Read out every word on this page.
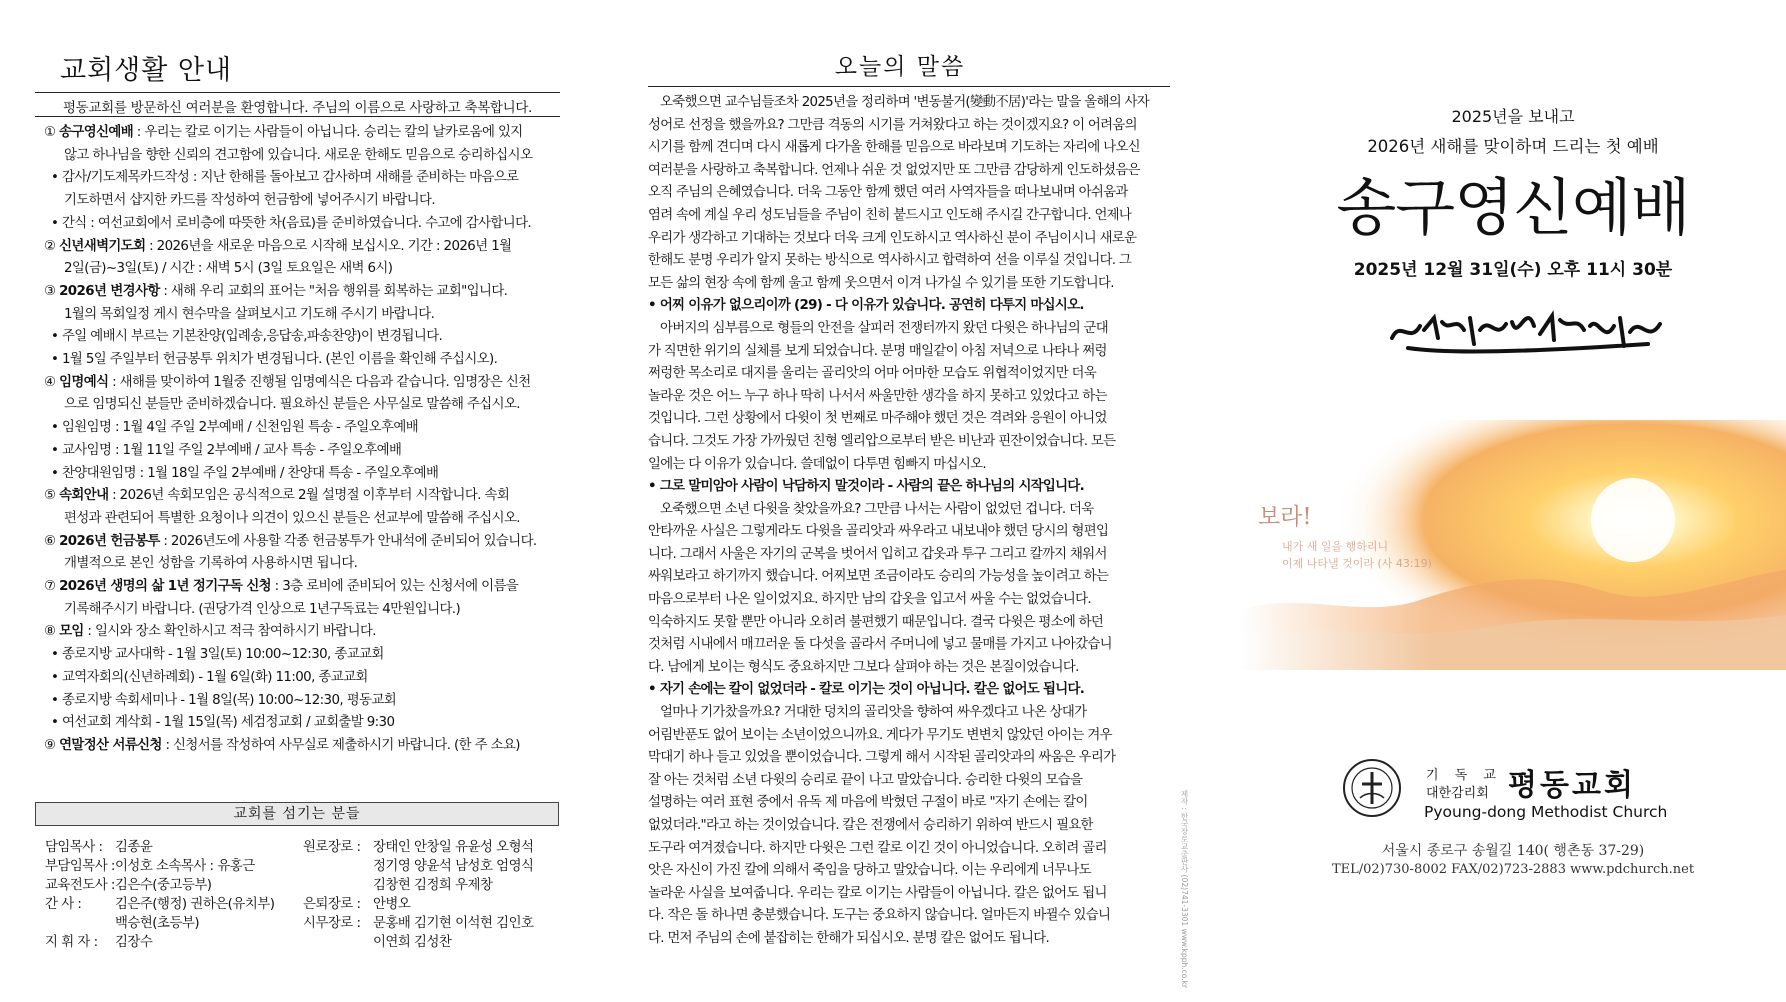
교회생활 안내
평동교회를 방문하신 여러분을 환영합니다. 주님의 이름으로 사랑하고 축복합니다.
① 송구영신예배 : 우리는 칼로 이기는 사람들이 아닙니다. 승리는 칼의 날카로움에 있지
않고 하나님을 향한 신뢰의 견고함에 있습니다. 새로운 한해도 믿음으로 승리하십시오
• 감사/기도제목카드작성 : 지난 한해를 돌아보고 감사하며 새해를 준비하는 마음으로
기도하면서 샵지한 카드를 작성하여 헌금함에 넣어주시기 바랍니다.
• 간식 : 여선교회에서 로비층에 따뜻한 차(음료)를 준비하였습니다. 수고에 감사합니다.
② 신년새벽기도회 : 2026년을 새로운 마음으로 시작해 보십시오. 기간 : 2026년 1월
2일(금)~3일(토) / 시간 : 새벽 5시 (3일 토요일은 새벽 6시)
③ 2026년 변경사항 : 새해 우리 교회의 표어는 "처음 행위를 회복하는 교회"입니다.
1월의 목회일정 게시 현수막을 살펴보시고 기도해 주시기 바랍니다.
• 주일 예배시 부르는 기본찬양(입례송,응답송,파송찬양)이 변경됩니다.
• 1월 5일 주일부터 헌금봉투 위치가 변경됩니다. (본인 이름을 확인해 주십시오).
④ 임명예식 : 새해를 맞이하여 1월중 진행될 임명예식은 다음과 같습니다. 임명장은 신천
으로 임명되신 분들만 준비하겠습니다. 필요하신 분들은 사무실로 말씀해 주십시오.
• 임원임명 : 1월 4일 주일 2부예배 / 신천임원 특송 - 주일오후예배
• 교사임명 : 1월 11일 주일 2부예배 / 교사 특송 - 주일오후예배
• 찬양대원임명 : 1월 18일 주일 2부예배 / 찬양대 특송 - 주일오후예배
⑤ 속회안내 : 2026년 속회모임은 공식적으로 2월 설명절 이후부터 시작합니다. 속회
편성과 관련되어 특별한 요청이나 의견이 있으신 분들은 선교부에 말씀해 주십시오.
⑥ 2026년 헌금봉투 : 2026년도에 사용할 각종 헌금봉투가 안내석에 준비되어 있습니다.
개별적으로 본인 성함을 기록하여 사용하시면 됩니다.
⑦ 2026년 생명의 삶 1년 정기구독 신청 : 3층 로비에 준비되어 있는 신청서에 이름을
기록해주시기 바랍니다. (권당가격 인상으로 1년구독료는 4만원입니다.)
⑧ 모임 : 일시와 장소 확인하시고 적극 참여하시기 바랍니다.
• 종로지방 교사대학 - 1월 3일(토) 10:00~12:30, 종교교회
• 교역자회의(신년하례회) - 1월 6일(화) 11:00, 종교교회
• 종로지방 속회세미나 - 1월 8일(목) 10:00~12:30, 평동교회
• 여선교회 계삭회 - 1월 15일(목) 세검정교회 / 교회출발 9:30
⑨ 연말정산 서류신청 : 신청서를 작성하여 사무실로 제출하시기 바랍니다. (한 주 소요)
교회를 섬기는 분들
담임목사 : 김종윤
부담임목사 :이성호 소속목사 : 유홍근
교육전도사 :김은수(중고등부)
간 사 :	김은주(행정) 권하은(유치부)
백승현(초등부)
지 휘 자 : 김장수
원로장로 : 장태인 안창일 유윤성 오형석
정기영 양윤석 남성호 엄영식
김창현 김정희 우제창
은퇴장로 : 안병오
시무장로 : 문홍배 김기현 이석현 김인호
이연희 김성찬
오늘의 말씀
오죽했으면 교수님들조차 2025년을 정리하며 '변동불거(變動不居)'라는 말을 올해의 사자
성어로 선정을 했을까요? 그만큼 격동의 시기를 거쳐왔다고 하는 것이겠지요? 이 어려움의
시기를 함께 견디며 다시 새롭게 다가올 한해를 믿음으로 바라보며 기도하는 자리에 나오신
여러분을 사랑하고 축복합니다. 언제나 쉬운 것 없었지만 또 그만큼 감당하게 인도하셨음은
오직 주님의 은혜였습니다. 더욱 그동안 함께 했던 여러 사역자들을 떠나보내며 아쉬움과
염려 속에 계실 우리 성도님들을 주님이 친히 붙드시고 인도해 주시길 간구합니다. 언제나
우리가 생각하고 기대하는 것보다 더욱 크게 인도하시고 역사하신 분이 주님이시니 새로운
한해도 분명 우리가 알지 못하는 방식으로 역사하시고 합력하여 선을 이루실 것입니다. 그
모든 삶의 현장 속에 함께 울고 함께 웃으면서 이겨 나가실 수 있기를 또한 기도합니다.
• 어찌 이유가 없으리이까 (29) - 다 이유가 있습니다. 공연히 다투지 마십시오.
아버지의 심부름으로 형들의 안전을 살피러 전쟁터까지 왔던 다윗은 하나님의 군대
가 직면한 위기의 실체를 보게 되었습니다. 분명 매일같이 아침 저녁으로 나타나 쩌렁
쩌렁한 목소리로 대지를 울리는 골리앗의 어마 어마한 모습도 위협적이었지만 더욱
놀라운 것은 어느 누구 하나 딱히 나서서 싸울만한 생각을 하지 못하고 있었다고 하는
것입니다. 그런 상황에서 다윗이 첫 번째로 마주해야 했던 것은 격려와 응원이 아니었
습니다. 그것도 가장 가까웠던 친형 엘리압으로부터 받은 비난과 핀잔이었습니다. 모든
일에는 다 이유가 있습니다. 쓸데없이 다투면 힘빠지 마십시오.
• 그로 말미암아 사람이 낙담하지 말것이라 - 사람의 끝은 하나님의 시작입니다.
오죽했으면 소년 다윗을 찾았을까요? 그만큼 나서는 사람이 없었던 겁니다. 더욱
안타까운 사실은 그렇게라도 다윗을 골리앗과 싸우라고 내보내야 했던 당시의 형편입
니다. 그래서 사울은 자기의 군복을 벗어서 입히고 갑옷과 투구 그리고 칼까지 채워서
싸워보라고 하기까지 했습니다. 어찌보면 조금이라도 승리의 가능성을 높이려고 하는
마음으로부터 나온 일이었지요. 하지만 남의 갑옷을 입고서 싸울 수는 없었습니다.
익숙하지도 못할 뿐만 아니라 오히려 불편했기 때문입니다. 결국 다윗은 평소에 하던
것처럼 시내에서 매끄러운 돌 다섯을 골라서 주머니에 넣고 물매를 가지고 나아갔습니
다. 남에게 보이는 형식도 중요하지만 그보다 살펴야 하는 것은 본질이었습니다.
• 자기 손에는 칼이 없었더라 - 칼로 이기는 것이 아닙니다. 칼은 없어도 됩니다.
얼마나 기가찼을까요? 거대한 덩치의 골리앗을 향하여 싸우겠다고 나온 상대가
어림반푼도 없어 보이는 소년이었으니까요. 게다가 무기도 변변치 않았던 아이는 겨우
막대기 하나 들고 있었을 뿐이었습니다. 그렇게 해서 시작된 골리앗과의 싸움은 우리가
잘 아는 것처럼 소년 다윗의 승리로 끝이 나고 말았습니다. 승리한 다윗의 모습을
설명하는 여러 표현 중에서 유독 제 마음에 박혔던 구절이 바로 "자기 손에는 칼이
없었더라."라고 하는 것이었습니다. 칼은 전쟁에서 승리하기 위하여 반드시 필요한
도구라 여겨졌습니다. 하지만 다윗은 그런 칼로 이긴 것이 아니었습니다. 오히려 골리
앗은 자신이 가진 칼에 의해서 죽임을 당하고 말았습니다. 이는 우리에게 너무나도
놀라운 사실을 보여줍니다. 우리는 칼로 이기는 사람들이 아닙니다. 칼은 없어도 됩니
다. 작은 돌 하나면 충분했습니다. 도구는 중요하지 않습니다. 얼마든지 바뀔수 있습니
다. 먼저 주님의 손에 붙잡히는 한해가 되십시오. 분명 칼은 없어도 됩니다.	제작 : 한국장로교출판사 (02)741-3301 www.kpph.co.kr
2025년을 보내고
2026년 새해를 맞이하며 드리는 첫 예배
송구영신예배
2025년 12월 31일(수) 오후 11시 30분
보라!
내가 새 일을 행하리니
이제 나타낼 것이라 (사 43:19)
기 독 교
대한감리회 평동교회
Pyoung-dong Methodist Church
서울시 종로구 송월길 140( 행촌동 37-29)
TEL/02)730-8002 FAX/02)723-2883 www.pdchurch.net
